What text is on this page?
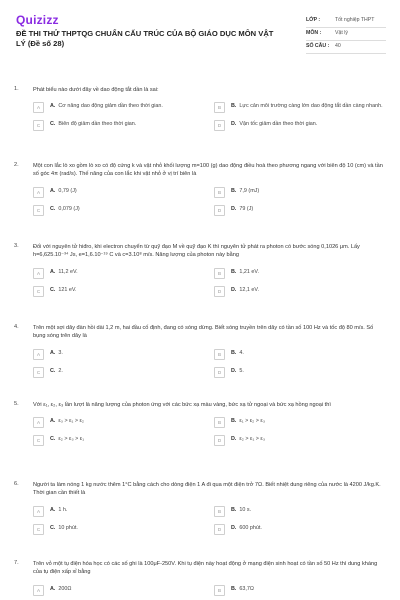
Quizizz
ĐỀ THI THỬ THPTQG CHUẨN CẤU TRÚC CỦA BỘ GIÁO DỤC MÔN VẬT LÝ (Đề số 28)
LỚP :	Tốt nghiệp THPT
MÔN :	Vật lý
SỐ CÂU :	40
1.	Phát biểu nào dưới đây về dao động tắt dần là sai:
A	A. Cơ năng dao động giảm dần theo thời gian.	B	B. Lực cản môi trường càng lớn dao động tắt dần càng nhanh.
C	C. Biên độ giảm dần theo thời gian.	D	D. Vận tốc giảm dần theo thời gian.
2.	Một con lắc lò xo gồm lò xo có độ cứng k và vật nhỏ khối lượng m=100 (g) dao động điều hoà theo phương ngang với biên độ 10 (cm) và tần số góc 4π (rad/s). Thế năng của con lắc khi vật nhỏ ở vị trí biên là
A	A. 0,79 (J)	B	B. 7,9 (mJ)
C	C. 0,079 (J)	D	D. 79 (J)
3.	Đối với nguyên tử hiđro, khi electron chuyển từ quỹ đạo M về quỹ đạo K thì nguyên tử phát ra photon có bước sóng 0,1026 μm. Lấy h=6,625.10⁻³⁴ Js, e=1,6.10⁻¹⁹ C và c=3.10⁸ m/s. Năng lượng của photon này bằng
A	A. 11,2 eV.	B	B. 1,21 eV.
C	C. 121 eV.	D	D. 12,1 eV.
4.	Trên một sợi dây đàn hồi dài 1,2 m, hai đầu cố định, đang có sóng dừng. Biết sóng truyền trên dây có tần số 100 Hz và tốc độ 80 m/s. Số bụng sóng trên dây là
A	A. 3.	B	B. 4.
C	C. 2.	D	D. 5.
5.	Với ε₁, ε₂, ε₃ lần lượt là năng lượng của photon ứng với các bức xạ màu vàng, bức xạ tử ngoại và bức xạ hồng ngoại thì
A	A. ε₃ > ε₁ > ε₂	B	B. ε₁ > ε₂ > ε₃
C	C. ε₂ > ε₃ > ε₁	D	D. ε₂ > ε₁ > ε₃
6.	Người ta làm nóng 1 kg nước thêm 1°C bằng cách cho dòng điện 1 A đi qua một điện trở 7Ω. Biết nhiệt dung riêng của nước là 4200 J/kg.K. Thời gian cần thiết là
A	A. 1 h.	B	B. 10 s.
C	C. 10 phút.	D	D. 600 phút.
7.	Trên vỏ một tụ điện hóa học có các số ghi là 100μF-250V. Khi tụ điện này hoạt động ở mạng điện sinh hoạt có tần số 50 Hz thì dung kháng của tụ điện xấp xỉ bằng
A	A. 200Ω	B	B. 63,7Ω
